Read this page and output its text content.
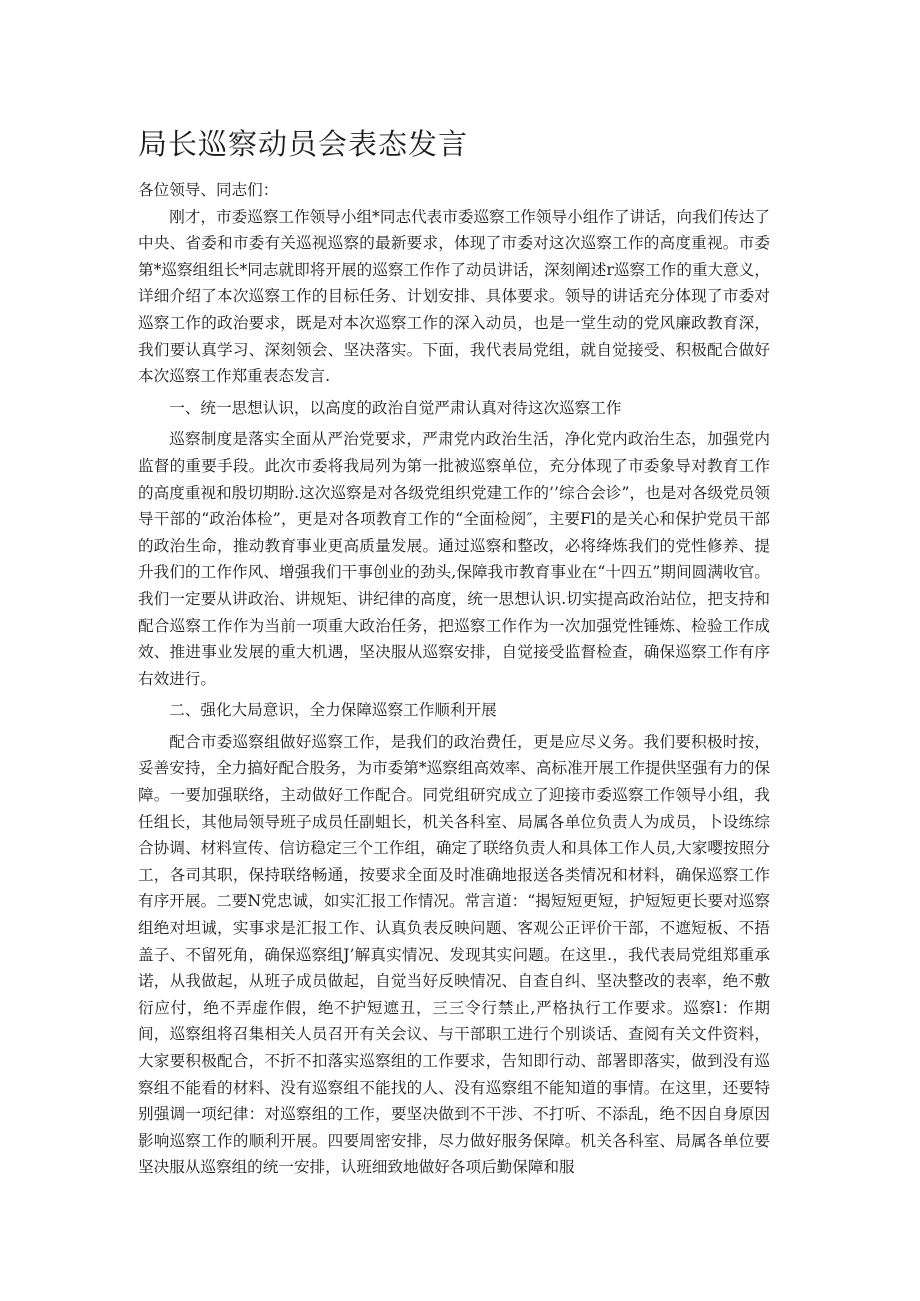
局长巡察动员会表态发言

各位领导、同志们：

刚才，市委巡察工作领导小组*同志代表市委巡察工作领导小组作了讲话，向我们传达了中央、省委和市委有关巡视巡察的最新要求，体现了市委对这次巡察工作的高度重视。市委第*巡察组组长*同志就即将开展的巡察工作作了动员讲话，深刻阐述r巡察工作的重大意义，详细介绍了本次巡察工作的目标任务、计划安排、具体要求。领导的讲话充分体现了市委对巡察工作的政治要求，既是对本次巡察工作的深入动员，也是一堂生动的党风廉政教育深，我们要认真学习、深刻领会、坚决落实。下面，我代表局党组，就自觉接受、积极配合做好本次巡察工作郑重表态发言.

一、统一思想认识，以高度的政治自觉严肃认真对待这次巡察工作

巡察制度是落实全面从严治党要求，严肃党内政治生活，净化党内政治生态，加强党内监督的重要手段。此次市委将我局列为第一批被巡察单位，充分体现了市委象导对教育工作的高度重视和殷切期盼.这次巡察是对各级党组织党建工作的’’综合会诊”，也是对各级党员领导干部的“政治体检”，更是对各项教育工作的“全面检阅″，主要Fl的是关心和保护党员干部的政治生命，推动教育事业更高质量发展。通过巡察和整改，必将绛炼我们的党性修养、提升我们的工作作风、增强我们干事创业的劲头,保障我市教育事业在“十四五”期间圆满收官。我们一定要从讲政治、讲规矩、讲纪律的高度，统一思想认识.切实提高政治站位，把支持和配合巡察工作作为当前一项重大政治任务，把巡察工作作为一次加强党性锤炼、检验工作成效、推进事业发展的重大机遇，坚决服从巡察安排，自觉接受监督检查，确保巡察工作有序右效进行。

二、强化大局意识，全力保障巡察工作顺利开展

配合市委巡察组做好巡察工作，是我们的政治费任，更是应尽义务。我们要积极时按，妥善安持，全力搞好配合股务，为市委第*巡察组高效率、高标准开展工作提供坚强有力的保障。一要加强联络，主动做好工作配合。同党组研究成立了迎接市委巡察工作领导小组，我任组长，其他局领导班子成员任副蛆长，机关各科室、局属各单位负责人为成员，卜设练综合协调、材料宣传、信访稳定三个工作组，确定了联络负责人和具体工作人员,大家嘤按照分工，各司其职，保持联络畅通，按要求全面及时准确地报送各类情况和材料，确保巡察工作有序开展。二要N党忠诚，如实汇报工作情况。常言道：“揭短短更短，护短短更长要对巡察组绝对坦诚，实事求是汇报工作、认真负表反映问题、客观公正评价干部，不遮短板、不捂盖子、不留死角，确保巡察组J’解真实情况、发现其实问题。在这里.，我代表局党组郑重承诺，从我做起，从班子成员做起，自觉当好反映情况、自查自纠、坚决整改的表率，绝不敷衍应付，绝不弄虚作假，绝不护短遮丑，三三令行禁止,严格执行工作要求。巡察l：作期间，巡察组将召集相关人员召开有关会议、与干部职工进行个别谈话、查阅有关文件资料，大家要积极配合，不折不扣落实巡察组的工作要求，告知即行动、部署即落实，做到没有巡察组不能看的材料、没有巡察组不能找的人、没有巡察组不能知道的事情。在这里，还要特别强调一项纪律：对巡察组的工作，要坚决做到不干涉、不打听、不添乱，绝不因自身原因影响巡察工作的顺利开展。四要周密安排，尽力做好服务保障。机关各科室、局属各单位要坚决服从巡察组的统一安排，认班细致地做好各项后勤保障和服
